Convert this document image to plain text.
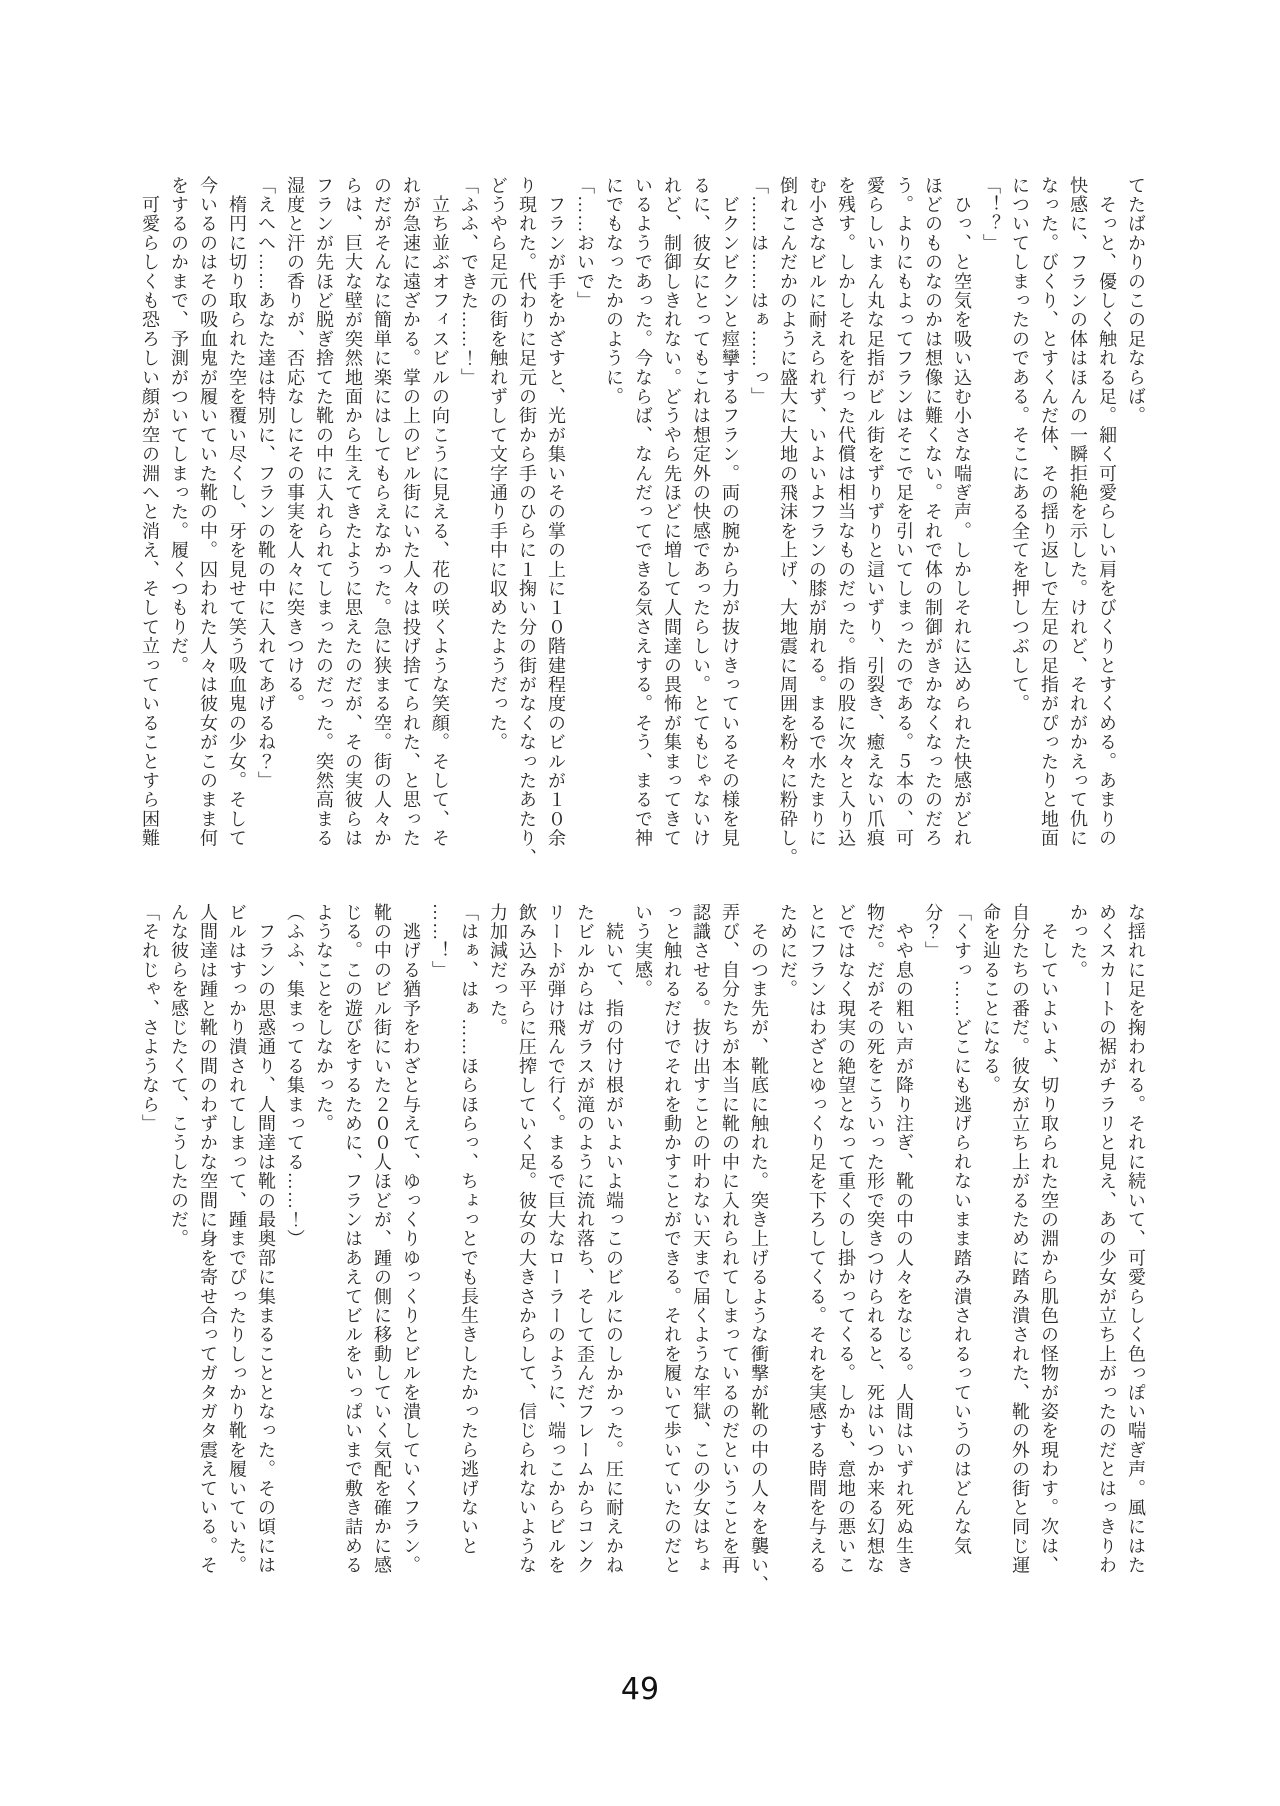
てたばかりのこの足ならば。

　そっと、優しく触れる足。細く可愛らしい肩をびくりとすくめる。あまりの

快感に、フランの体はほんの一瞬拒絶を示した。けれど、それがかえって仇に

なった。びくり、とすくんだ体、その揺り返しで左足の足指がぴったりと地面

についてしまったのである。そこにある全てを押しつぶして。

「！？」

　ひっ、と空気を吸い込む小さな喘ぎ声。しかしそれに込められた快感がどれ

ほどのものなのかは想像に難くない。それで体の制御がきかなくなったのだろ

う。よりにもよってフランはそこで足を引いてしまったのである。５本の、可

愛らしいまん丸な足指がビル街をずりずりと這いずり、引裂き、癒えない爪痕

を残す。しかしそれを行った代償は相当なものだった。指の股に次々と入り込

む小さなビルに耐えられず、いよいよフランの膝が崩れる。まるで水たまりに

倒れこんだかのように盛大に大地の飛沫を上げ、大地震に周囲を粉々に粉砕し。

「……は……はぁ……っ」

　ビクンビクンと痙攣するフラン。両の腕から力が抜けきっているその様を見

るに、彼女にとってもこれは想定外の快感であったらしい。とてもじゃないけ

れど、制御しきれない。どうやら先ほどに増して人間達の畏怖が集まってきて

いるようであった。今ならば、なんだってできる気さえする。そう、まるで神

にでもなったかのように。

「……おいで」

　フランが手をかざすと、光が集いその掌の上に１０階建程度のビルが１０余

り現れた。代わりに足元の街から手のひらに１掬い分の街がなくなったあたり、

どうやら足元の街を触れずして文字通り手中に収めたようだった。

「ふふ、できた……！」

　立ち並ぶオフィスビルの向こうに見える、花の咲くような笑顔。そして、そ

れが急速に遠ざかる。掌の上のビル街にいた人々は投げ捨てられた、と思った

のだがそんなに簡単に楽にはしてもらえなかった。急に狭まる空。街の人々か

らは、巨大な壁が突然地面から生えてきたように思えたのだが、その実彼らは

フランが先ほど脱ぎ捨てた靴の中に入れられてしまったのだった。突然高まる

湿度と汗の香りが、否応なしにその事実を人々に突きつける。

「えへへ……あなた達は特別に、フランの靴の中に入れてあげるね？」

　楕円に切り取られた空を覆い尽くし、牙を見せて笑う吸血鬼の少女。そして

今いるのはその吸血鬼が履いていた靴の中。囚われた人々は彼女がこのまま何

をするのかまで、予測がついてしまった。履くつもりだ。

　可愛らしくも恐ろしい顔が空の淵へと消え、そして立っていることすら困難

な揺れに足を掬われる。それに続いて、可愛らしく色っぽい喘ぎ声。風にはた

めくスカートの裾がチラリと見え、あの少女が立ち上がったのだとはっきりわ

かった。

　そしていよいよ、切り取られた空の淵から肌色の怪物が姿を現わす。次は、

自分たちの番だ。彼女が立ち上がるために踏み潰された、靴の外の街と同じ運

命を辿ることになる。

「くすっ……どこにも逃げられないまま踏み潰されるっていうのはどんな気

分？」

　やや息の粗い声が降り注ぎ、靴の中の人々をなじる。人間はいずれ死ぬ生き

物だ。だがその死をこういった形で突きつけられると、死はいつか来る幻想な

どではなく現実の絶望となって重くのし掛かってくる。しかも、意地の悪いこ

とにフランはわざとゆっくり足を下ろしてくる。それを実感する時間を与える

ためにだ。

　そのつま先が、靴底に触れた。突き上げるような衝撃が靴の中の人々を襲い、

弄び、自分たちが本当に靴の中に入れられてしまっているのだということを再

認識させる。抜け出すことの叶わない天まで届くような牢獄、この少女はちょ

っと触れるだけでそれを動かすことができる。それを履いて歩いていたのだと

いう実感。

　続いて、指の付け根がいよいよ端っこのビルにのしかかった。圧に耐えかね

たビルからはガラスが滝のように流れ落ち、そして歪んだフレームからコンク

リートが弾け飛んで行く。まるで巨大なローラーのように、端っこからビルを

飲み込み平らに圧搾していく足。彼女の大きさからして、信じられないような

力加減だった。

「はぁ、はぁ……ほらほらっ、ちょっとでも長生きしたかったら逃げないと

……！」

　逃げる猶予をわざと与えて、ゆっくりゆっくりとビルを潰していくフラン。

靴の中のビル街にいた２００人ほどが、踵の側に移動していく気配を確かに感

じる。この遊びをするために、フランはあえてビルをいっぱいまで敷き詰める

ようなことをしなかった。

（ふふ、集まってる集まってる……！）

　フランの思惑通り、人間達は靴の最奥部に集まることとなった。その頃には

ビルはすっかり潰されてしまって、踵までぴったりしっかり靴を履いていた。

人間達は踵と靴の間のわずかな空間に身を寄せ合ってガタガタ震えている。そ

んな彼らを感じたくて、こうしたのだ。

「それじゃ、さようなら」

49
